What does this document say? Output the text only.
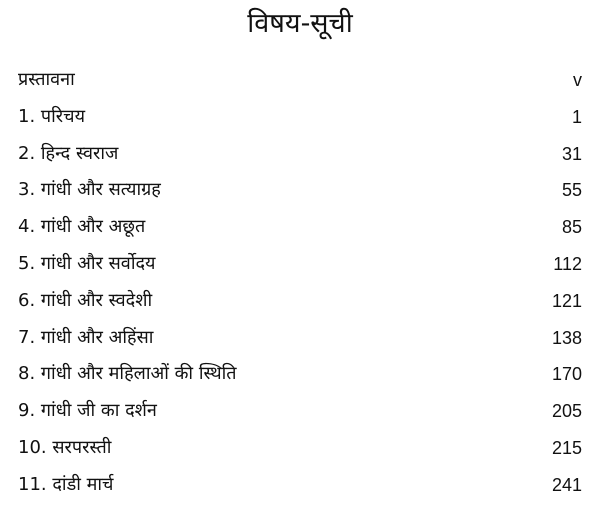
विषय-सूची
प्रस्तावना	v
1. परिचय	1
2. हिन्द स्वराज	31
3. गांधी और सत्याग्रह	55
4. गांधी और अछूत	85
5. गांधी और सर्वोदय	112
6. गांधी और स्वदेशी	121
7. गांधी और अहिंसा	138
8. गांधी और महिलाओं की स्थिति	170
9. गांधी जी का दर्शन	205
10. सरपरस्ती	215
11. दांडी मार्च	241
